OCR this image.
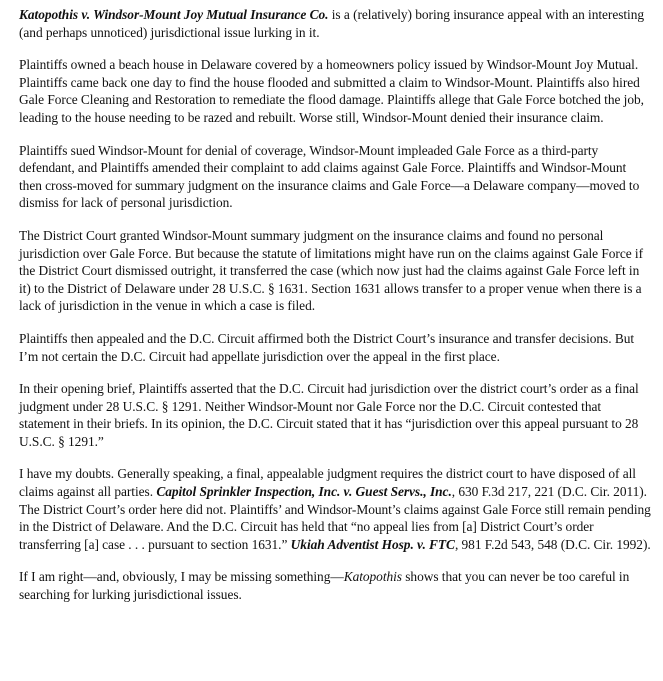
Katopothis v. Windsor-Mount Joy Mutual Insurance Co. is a (relatively) boring insurance appeal with an interesting (and perhaps unnoticed) jurisdictional issue lurking in it.
Plaintiffs owned a beach house in Delaware covered by a homeowners policy issued by Windsor-Mount Joy Mutual. Plaintiffs came back one day to find the house flooded and submitted a claim to Windsor-Mount. Plaintiffs also hired Gale Force Cleaning and Restoration to remediate the flood damage. Plaintiffs allege that Gale Force botched the job, leading to the house needing to be razed and rebuilt. Worse still, Windsor-Mount denied their insurance claim.
Plaintiffs sued Windsor-Mount for denial of coverage, Windsor-Mount impleaded Gale Force as a third-party defendant, and Plaintiffs amended their complaint to add claims against Gale Force. Plaintiffs and Windsor-Mount then cross-moved for summary judgment on the insurance claims and Gale Force—a Delaware company—moved to dismiss for lack of personal jurisdiction.
The District Court granted Windsor-Mount summary judgment on the insurance claims and found no personal jurisdiction over Gale Force. But because the statute of limitations might have run on the claims against Gale Force if the District Court dismissed outright, it transferred the case (which now just had the claims against Gale Force left in it) to the District of Delaware under 28 U.S.C. § 1631. Section 1631 allows transfer to a proper venue when there is a lack of jurisdiction in the venue in which a case is filed.
Plaintiffs then appealed and the D.C. Circuit affirmed both the District Court’s insurance and transfer decisions. But I’m not certain the D.C. Circuit had appellate jurisdiction over the appeal in the first place.
In their opening brief, Plaintiffs asserted that the D.C. Circuit had jurisdiction over the district court’s order as a final judgment under 28 U.S.C. § 1291. Neither Windsor-Mount nor Gale Force nor the D.C. Circuit contested that statement in their briefs. In its opinion, the D.C. Circuit stated that it has “jurisdiction over this appeal pursuant to 28 U.S.C. § 1291.”
I have my doubts. Generally speaking, a final, appealable judgment requires the district court to have disposed of all claims against all parties. Capitol Sprinkler Inspection, Inc. v. Guest Servs., Inc., 630 F.3d 217, 221 (D.C. Cir. 2011). The District Court’s order here did not. Plaintiffs’ and Windsor-Mount’s claims against Gale Force still remain pending in the District of Delaware. And the D.C. Circuit has held that “no appeal lies from [a] District Court’s order transferring [a] case . . . pursuant to section 1631.” Ukiah Adventist Hosp. v. FTC, 981 F.2d 543, 548 (D.C. Cir. 1992).
If I am right—and, obviously, I may be missing something—Katopothis shows that you can never be too careful in searching for lurking jurisdictional issues.
